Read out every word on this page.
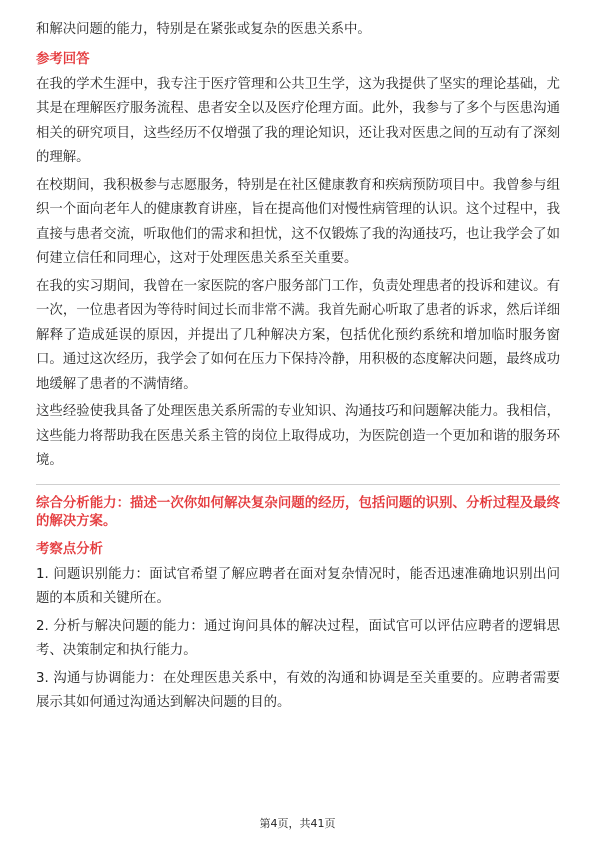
和解决问题的能力，特别是在紧张或复杂的医患关系中。

参考回答

在我的学术生涯中，我专注于医疗管理和公共卫生学，这为我提供了坚实的理论基础，尤其是在理解医疗服务流程、患者安全以及医疗伦理方面。此外，我参与了多个与医患沟通相关的研究项目，这些经历不仅增强了我的理论知识，还让我对医患之间的互动有了深刻的理解。

在校期间，我积极参与志愿服务，特别是在社区健康教育和疾病预防项目中。我曾参与组织一个面向老年人的健康教育讲座，旨在提高他们对慢性病管理的认识。这个过程中，我直接与患者交流，听取他们的需求和担忧，这不仅锻炼了我的沟通技巧，也让我学会了如何建立信任和同理心，这对于处理医患关系至关重要。

在我的实习期间，我曾在一家医院的客户服务部门工作，负责处理患者的投诉和建议。有一次，一位患者因为等待时间过长而非常不满。我首先耐心听取了患者的诉求，然后详细解释了造成延误的原因，并提出了几种解决方案，包括优化预约系统和增加临时服务窗口。通过这次经历，我学会了如何在压力下保持冷静，用积极的态度解决问题，最终成功地缓解了患者的不满情绪。

这些经验使我具备了处理医患关系所需的专业知识、沟通技巧和问题解决能力。我相信，这些能力将帮助我在医患关系主管的岗位上取得成功，为医院创造一个更加和谐的服务环境。

综合分析能力：描述一次你如何解决复杂问题的经历，包括问题的识别、分析过程及最终的解决方案。
考察点分析

1. 问题识别能力：面试官希望了解应聘者在面对复杂情况时，能否迅速准确地识别出问题的本质和关键所在。

2. 分析与解决问题的能力：通过询问具体的解决过程，面试官可以评估应聘者的逻辑思考、决策制定和执行能力。

3. 沟通与协调能力：在处理医患关系中，有效的沟通和协调是至关重要的。应聘者需要展示其如何通过沟通达到解决问题的目的。

第4页，共41页
